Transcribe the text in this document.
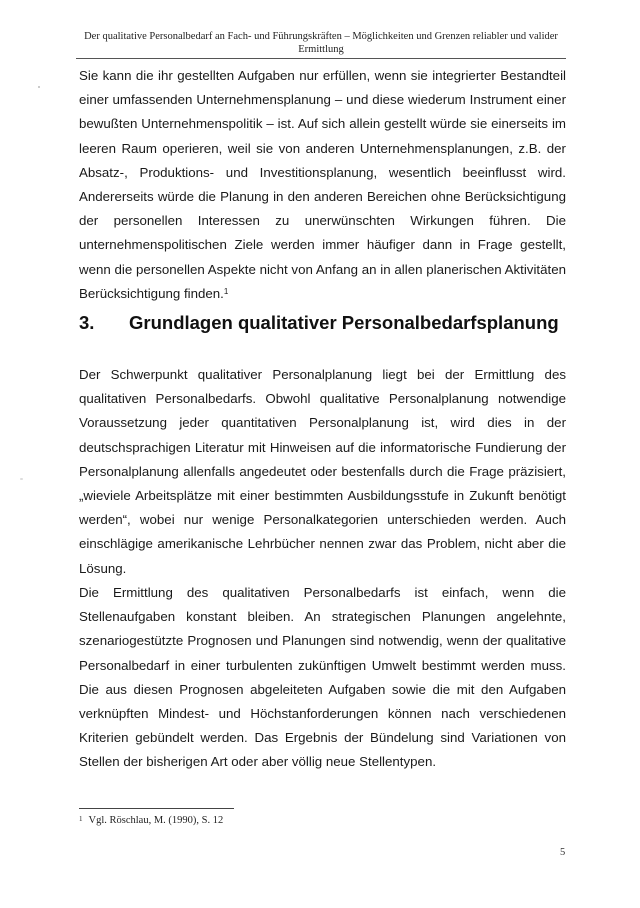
Der qualitative Personalbedarf an Fach- und Führungskräften – Möglichkeiten und Grenzen reliabler und valider Ermittlung
Sie kann die ihr gestellten Aufgaben nur erfüllen, wenn sie integrierter Bestandteil einer umfassenden Unternehmensplanung – und diese wiederum Instrument einer bewußten Unternehmenspolitik – ist. Auf sich allein gestellt würde sie einerseits im leeren Raum operieren, weil sie von anderen Unternehmensplanungen, z.B. der Absatz-, Produktions- und Investitionsplanung, wesentlich beeinflusst wird. Andererseits würde die Planung in den anderen Bereichen ohne Berücksichtigung der personellen Interessen zu unerwünschten Wirkungen führen. Die unternehmenspolitischen Ziele werden immer häufiger dann in Frage gestellt, wenn die personellen Aspekte nicht von Anfang an in allen planerischen Aktivitäten Berücksichtigung finden.$^1$
3.	Grundlagen qualitativer Personalbedarfsplanung
Der Schwerpunkt qualitativer Personalplanung liegt bei der Ermittlung des qualitativen Personalbedarfs. Obwohl qualitative Personalplanung notwendige Voraussetzung jeder quantitativen Personalplanung ist, wird dies in der deutschsprachigen Literatur mit Hinweisen auf die informatorische Fundierung der Personalplanung allenfalls angedeutet oder bestenfalls durch die Frage präzisiert, „wieviele Arbeitsplätze mit einer bestimmten Ausbildungsstufe in Zukunft benötigt werden“, wobei nur wenige Personalkategorien unterschieden werden. Auch einschlägige amerikanische Lehrbücher nennen zwar das Problem, nicht aber die Lösung.
Die Ermittlung des qualitativen Personalbedarfs ist einfach, wenn die Stellenaufgaben konstant bleiben. An strategischen Planungen angelehnte, szenariogestützte Prognosen und Planungen sind notwendig, wenn der qualitative Personalbedarf in einer turbulenten zukünftigen Umwelt bestimmt werden muss. Die aus diesen Prognosen abgeleiteten Aufgaben sowie die mit den Aufgaben verknüpften Mindest- und Höchstanforderungen können nach verschiedenen Kriterien gebündelt werden. Das Ergebnis der Bündelung sind Variationen von Stellen der bisherigen Art oder aber völlig neue Stellentypen.
$^1$ Vgl. Röschlau, M. (1990), S. 12
5
